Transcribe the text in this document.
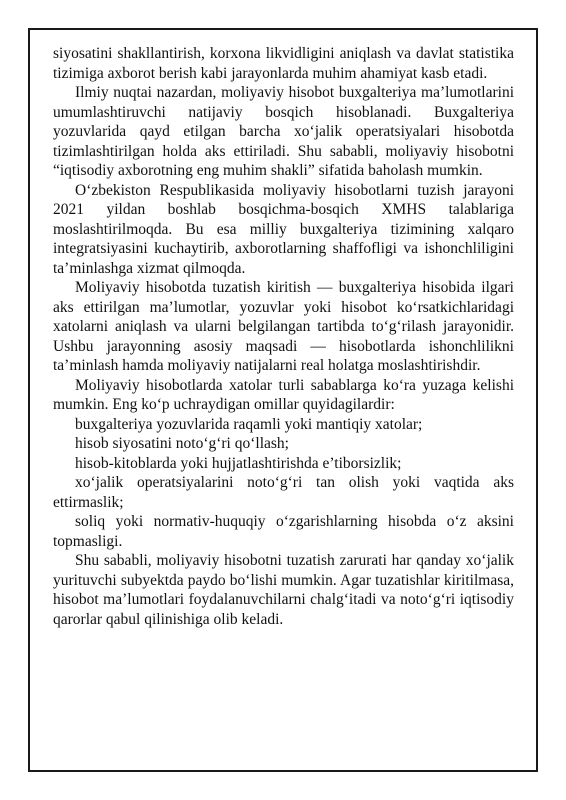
siyosatini shakllantirish, korxona likvidligini aniqlash va davlat statistika tizimiga axborot berish kabi jarayonlarda muhim ahamiyat kasb etadi.

Ilmiy nuqtai nazardan, moliyaviy hisobot buxgalteriya ma’lumotlarini umumlashtiruvchi natijaviy bosqich hisoblanadi. Buxgalteriya yozuvlarida qayd etilgan barcha xo‘jalik operatsiyalari hisobotda tizimlashtirilgan holda aks ettiriladi. Shu sababli, moliyaviy hisobotni “iqtisodiy axborotning eng muhim shakli” sifatida baholash mumkin.

O‘zbekiston Respublikasida moliyaviy hisobotlarni tuzish jarayoni 2021 yildan boshlab bosqichma-bosqich XMHS talablariga moslashtirilmoqda. Bu esa milliy buxgalteriya tizimining xalqaro integratsiyasini kuchaytirib, axborotlarning shaffofligi va ishonchliligini ta’minlashga xizmat qilmoqda.

Moliyaviy hisobotda tuzatish kiritish — buxgalteriya hisobida ilgari aks ettirilgan ma’lumotlar, yozuvlar yoki hisobot ko‘rsatkichlaridagi xatolarni aniqlash va ularni belgilangan tartibda to‘g‘rilash jarayonidir. Ushbu jarayonning asosiy maqsadi — hisobotlarda ishonchlilikni ta’minlash hamda moliyaviy natijalarni real holatga moslashtirishdir.

Moliyaviy hisobotlarda xatolar turli sabablarga ko‘ra yuzaga kelishi mumkin. Eng ko‘p uchraydigan omillar quyidagilardir:

buxgalteriya yozuvlarida raqamli yoki mantiqiy xatolar;

hisob siyosatini noto‘g‘ri qo‘llash;

hisob-kitoblarda yoki hujjatlashtirishda e’tiborsizlik;

xo‘jalik operatsiyalarini noto‘g‘ri tan olish yoki vaqtida aks ettirmaslik;

soliq yoki normativ-huquqiy o‘zgarishlarning hisobda o‘z aksini topmasligi.

Shu sababli, moliyaviy hisobotni tuzatish zarurati har qanday xo‘jalik yurituvchi subyektda paydo bo‘lishi mumkin. Agar tuzatishlar kiritilmasa, hisobot ma’lumotlari foydalanuvchilarni chalg‘itadi va noto‘g‘ri iqtisodiy qarorlar qabul qilinishiga olib keladi.
